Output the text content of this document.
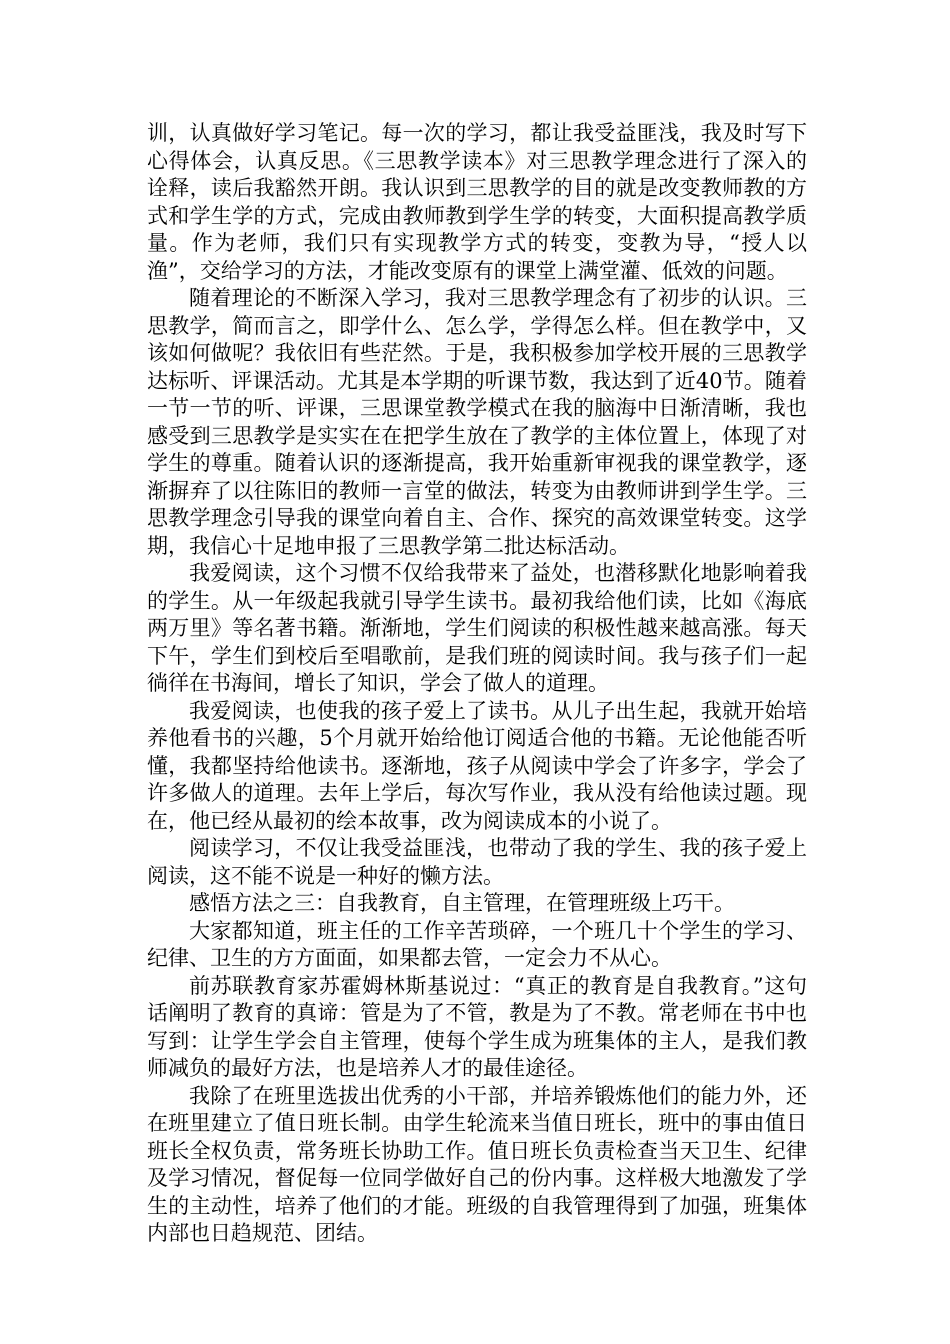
训，认真做好学习笔记。每一次的学习，都让我受益匪浅，我及时写下心得体会，认真反思。《三思教学读本》对三思教学理念进行了深入的诠释，读后我豁然开朗。我认识到三思教学的目的就是改变教师教的方式和学生学的方式，完成由教师教到学生学的转变，大面积提高教学质量。作为老师，我们只有实现教学方式的转变，变教为导，“授人以渔”，交给学习的方法，才能改变原有的课堂上满堂灌、低效的问题。

随着理论的不断深入学习，我对三思教学理念有了初步的认识。三思教学，简而言之，即学什么、怎么学，学得怎么样。但在教学中，又该如何做呢？我依旧有些茫然。于是，我积极参加学校开展的三思教学达标听、评课活动。尤其是本学期的听课节数，我达到了近40节。随着一节一节的听、评课，三思课堂教学模式在我的脑海中日渐清晰，我也感受到三思教学是实实在在把学生放在了教学的主体位置上，体现了对学生的尊重。随着认识的逐渐提高，我开始重新审视我的课堂教学，逐渐摒弃了以往陈旧的教师一言堂的做法，转变为由教师讲到学生学。三思教学理念引导我的课堂向着自主、合作、探究的高效课堂转变。这学期，我信心十足地申报了三思教学第二批达标活动。

我爱阅读，这个习惯不仅给我带来了益处，也潜移默化地影响着我的学生。从一年级起我就引导学生读书。最初我给他们读，比如《海底两万里》等名著书籍。渐渐地，学生们阅读的积极性越来越高涨。每天下午，学生们到校后至唱歌前，是我们班的阅读时间。我与孩子们一起徜徉在书海间，增长了知识，学会了做人的道理。

我爱阅读，也使我的孩子爱上了读书。从儿子出生起，我就开始培养他看书的兴趣，5个月就开始给他订阅适合他的书籍。无论他能否听懂，我都坚持给他读书。逐渐地，孩子从阅读中学会了许多字，学会了许多做人的道理。去年上学后，每次写作业，我从没有给他读过题。现在，他已经从最初的绘本故事，改为阅读成本的小说了。

阅读学习，不仅让我受益匪浅，也带动了我的学生、我的孩子爱上阅读，这不能不说是一种好的懒方法。

感悟方法之三：自我教育，自主管理，在管理班级上巧干。

大家都知道，班主任的工作辛苦琐碎，一个班几十个学生的学习、纪律、卫生的方方面面，如果都去管，一定会力不从心。

前苏联教育家苏霍姆林斯基说过：“真正的教育是自我教育。”这句话阐明了教育的真谛：管是为了不管，教是为了不教。常老师在书中也写到：让学生学会自主管理，使每个学生成为班集体的主人，是我们教师减负的最好方法，也是培养人才的最佳途径。

我除了在班里选拔出优秀的小干部，并培养锻炼他们的能力外，还在班里建立了值日班长制。由学生轮流来当值日班长，班中的事由值日班长全权负责，常务班长协助工作。值日班长负责检查当天卫生、纪律及学习情况，督促每一位同学做好自己的份内事。这样极大地激发了学生的主动性，培养了他们的才能。班级的自我管理得到了加强，班集体内部也日趋规范、团结。
